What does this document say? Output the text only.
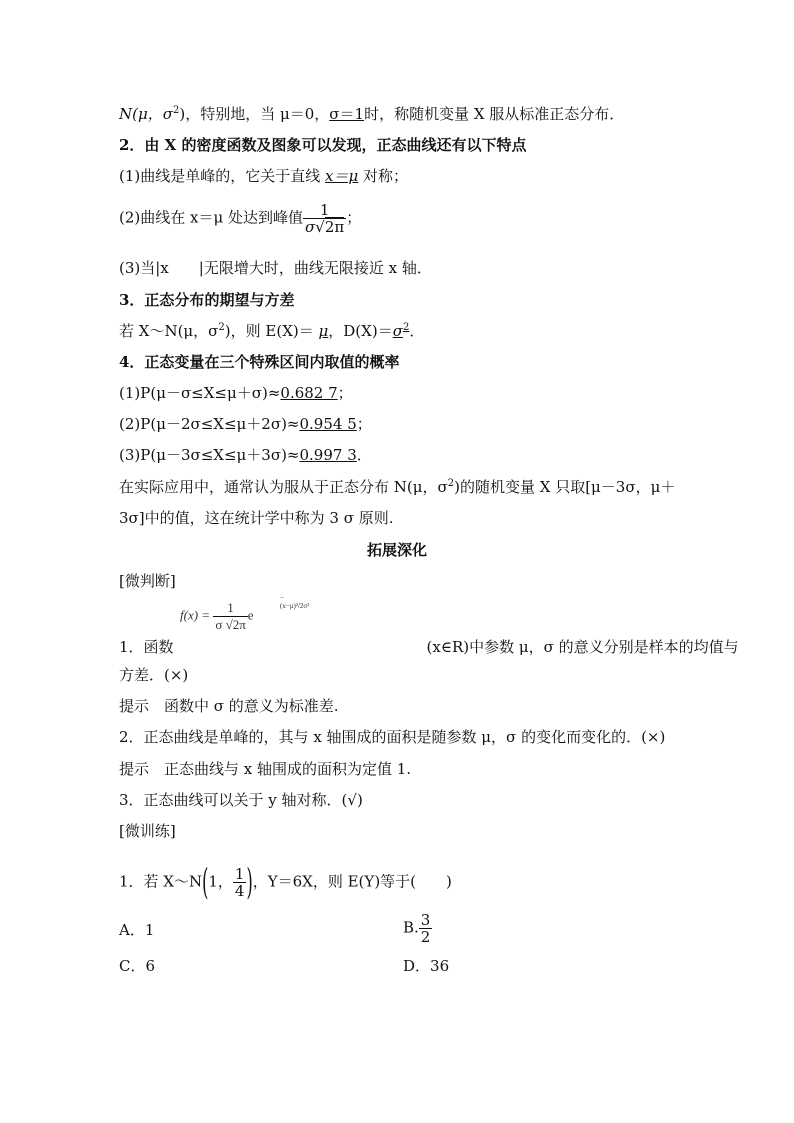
N(μ，$\sigma^2$)，特别地，当 μ＝0，σ＝1时，称随机变量 X 服从标准正态分布．
2．由 X 的密度函数及图象可以发现，正态曲线还有以下特点
(1)曲线是单峰的，它关于直线 x＝μ 对称；
(2)曲线在 x＝μ 处达到峰值 $\frac{1}{\sigma√2\pi}$ ；
(3)当|x |无限增大时，曲线无限接近 x 轴．
3．正态分布的期望与方差
若 X～N(μ，$\sigma^2$)，则 E(X)＝ μ，$D(X)=\sigma^2$．
4．正态变量在三个特殊区间内取值的概率
(1)P(μ－σ≤X≤μ＋σ)≈0.682 7；
(2)P(μ－2σ≤X≤μ＋2σ)≈0.954 5；
(3)P(μ－3σ≤X≤μ＋3σ)≈0.997 3．
在实际应用中，通常认为服从于正态分布 N(μ，$\sigma^2$)的随机变量 X 只取[μ－3σ，μ＋
3σ]中的值，这在统计学中称为 3 σ 原则.
拓展深化
[微判断]
$f(x) = \frac{1}{\sigma √2\pi}$ e
−(x−μ)²/2σ²
1．函数	(x∈R)中参数 μ，σ 的意义分别是样本的均值与
方差．(×)
提示　函数中 σ 的意义为标准差.
2．正态曲线是单峰的，其与 x 轴围成的面积是随参数 μ，σ 的变化而变化的．(×)
提示　正态曲线与 x 轴围成的面积为定值 1.
3．正态曲线可以关于 y 轴对称．(√)
[微训练]
1．若 X～N(1， $\frac{1}{4}$ )，Y＝6X，则 E(Y)等于(　　)
A．1	B. $\frac{3}{2}$
C．6	D．36
